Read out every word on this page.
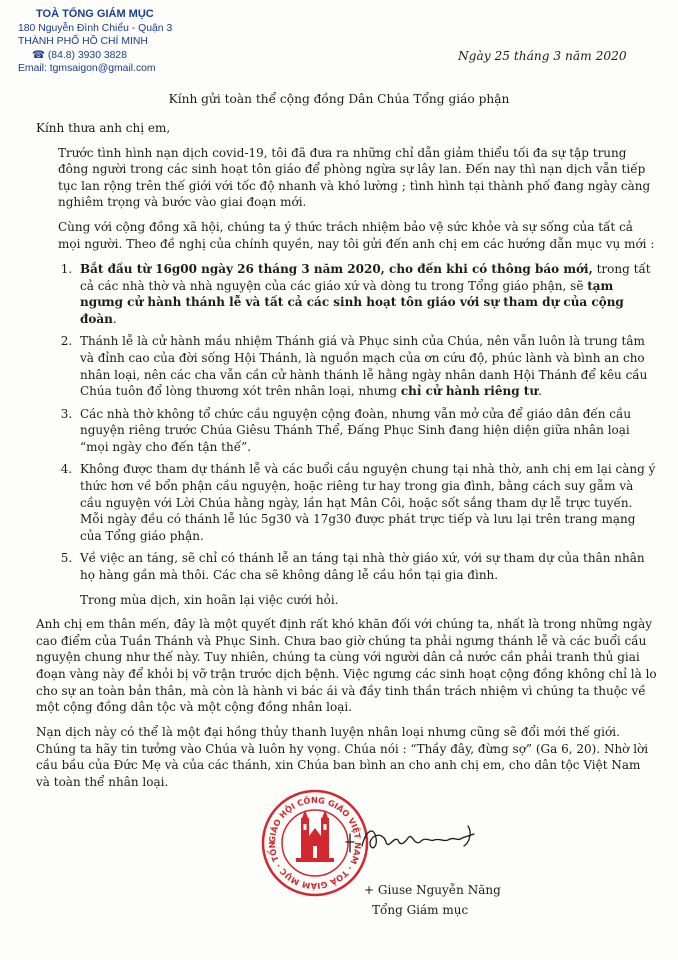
TOÀ TỔNG GIÁM MỤC
180 Nguyễn Đình Chiểu - Quận 3
THÀNH PHỐ HỒ CHÍ MINH
☎ (84.8) 3930 3828
Email: tgmsaigon@gmail.com
Ngày 25 tháng 3 năm 2020
Kính gửi toàn thể cộng đồng Dân Chúa Tổng giáo phận

Kính thưa anh chị em,

Trước tình hình nạn dịch covid-19, tôi đã đưa ra những chỉ dẫn giảm thiểu tối đa sự tập trung đông người trong các sinh hoạt tôn giáo để phòng ngừa sự lây lan. Đến nay thì nạn dịch vẫn tiếp tục lan rộng trên thế giới với tốc độ nhanh và khó lường ; tình hình tại thành phố đang ngày càng nghiêm trọng và bước vào giai đoạn mới.

Cùng với cộng đồng xã hội, chúng ta ý thức trách nhiệm bảo vệ sức khỏe và sự sống của tất cả mọi người. Theo đề nghị của chính quyền, nay tôi gửi đến anh chị em các hướng dẫn mục vụ mới :

1. Bắt đầu từ 16g00 ngày 26 tháng 3 năm 2020, cho đến khi có thông báo mới, trong tất cả các nhà thờ và nhà nguyện của các giáo xứ và dòng tu trong Tổng giáo phận, sẽ tạm ngưng cử hành thánh lễ và tất cả các sinh hoạt tôn giáo với sự tham dự của cộng đoàn.
2. Thánh lễ là cử hành mầu nhiệm Thánh giá và Phục sinh của Chúa, nên vẫn luôn là trung tâm và đỉnh cao của đời sống Hội Thánh, là nguồn mạch của ơn cứu độ, phúc lành và bình an cho nhân loại, nên các cha vẫn cần cử hành thánh lễ hằng ngày nhân danh Hội Thánh để kêu cầu Chúa tuôn đổ lòng thương xót trên nhân loại, nhưng chỉ cử hành riêng tư.
3. Các nhà thờ không tổ chức cầu nguyện cộng đoàn, nhưng vẫn mở cửa để giáo dân đến cầu nguyện riêng trước Chúa Giêsu Thánh Thể, Đấng Phục Sinh đang hiện diện giữa nhân loại “mọi ngày cho đến tận thế”.
4. Không được tham dự thánh lễ và các buổi cầu nguyện chung tại nhà thờ, anh chị em lại càng ý thức hơn về bổn phận cầu nguyện, hoặc riêng tư hay trong gia đình, bằng cách suy gẫm và cầu nguyện với Lời Chúa hằng ngày, lần hạt Mân Côi, hoặc sốt sắng tham dự lễ trực tuyến. Mỗi ngày đều có thánh lễ lúc 5g30 và 17g30 được phát trực tiếp và lưu lại trên trang mạng của Tổng giáo phận.
5. Về việc an táng, sẽ chỉ có thánh lễ an táng tại nhà thờ giáo xứ, với sự tham dự của thân nhân họ hàng gần mà thôi. Các cha sẽ không dâng lễ cầu hồn tại gia đình.
Trong mùa dịch, xin hoãn lại việc cưới hỏi.

Anh chị em thân mến, đây là một quyết định rất khó khăn đối với chúng ta, nhất là trong những ngày cao điểm của Tuần Thánh và Phục Sinh. Chưa bao giờ chúng ta phải ngưng thánh lễ và các buổi cầu nguyện chung như thế này. Tuy nhiên, chúng ta cùng với người dân cả nước cần phải tranh thủ giai đoạn vàng này để khỏi bị vỡ trận trước dịch bệnh. Việc ngưng các sinh hoạt cộng đồng không chỉ là lo cho sự an toàn bản thân, mà còn là hành vi bác ái và đầy tinh thần trách nhiệm vì chúng ta thuộc về một cộng đồng dân tộc và một cộng đồng nhân loại.

Nạn dịch này có thể là một đại hồng thủy thanh luyện nhân loại nhưng cũng sẽ đổi mới thế giới. Chúng ta hãy tin tưởng vào Chúa và luôn hy vọng. Chúa nói : “Thầy đây, đừng sợ” (Ga 6, 20). Nhờ lời cầu bầu của Đức Mẹ và của các thánh, xin Chúa ban bình an cho anh chị em, cho dân tộc Việt Nam và toàn thể nhân loại.

GIÁO HỘI CÔNG GIÁO VIỆT NAM · TOÀ GIÁM MỤC · TỔN
+ Giuse Nguyễn Năng
Tổng Giám mục
